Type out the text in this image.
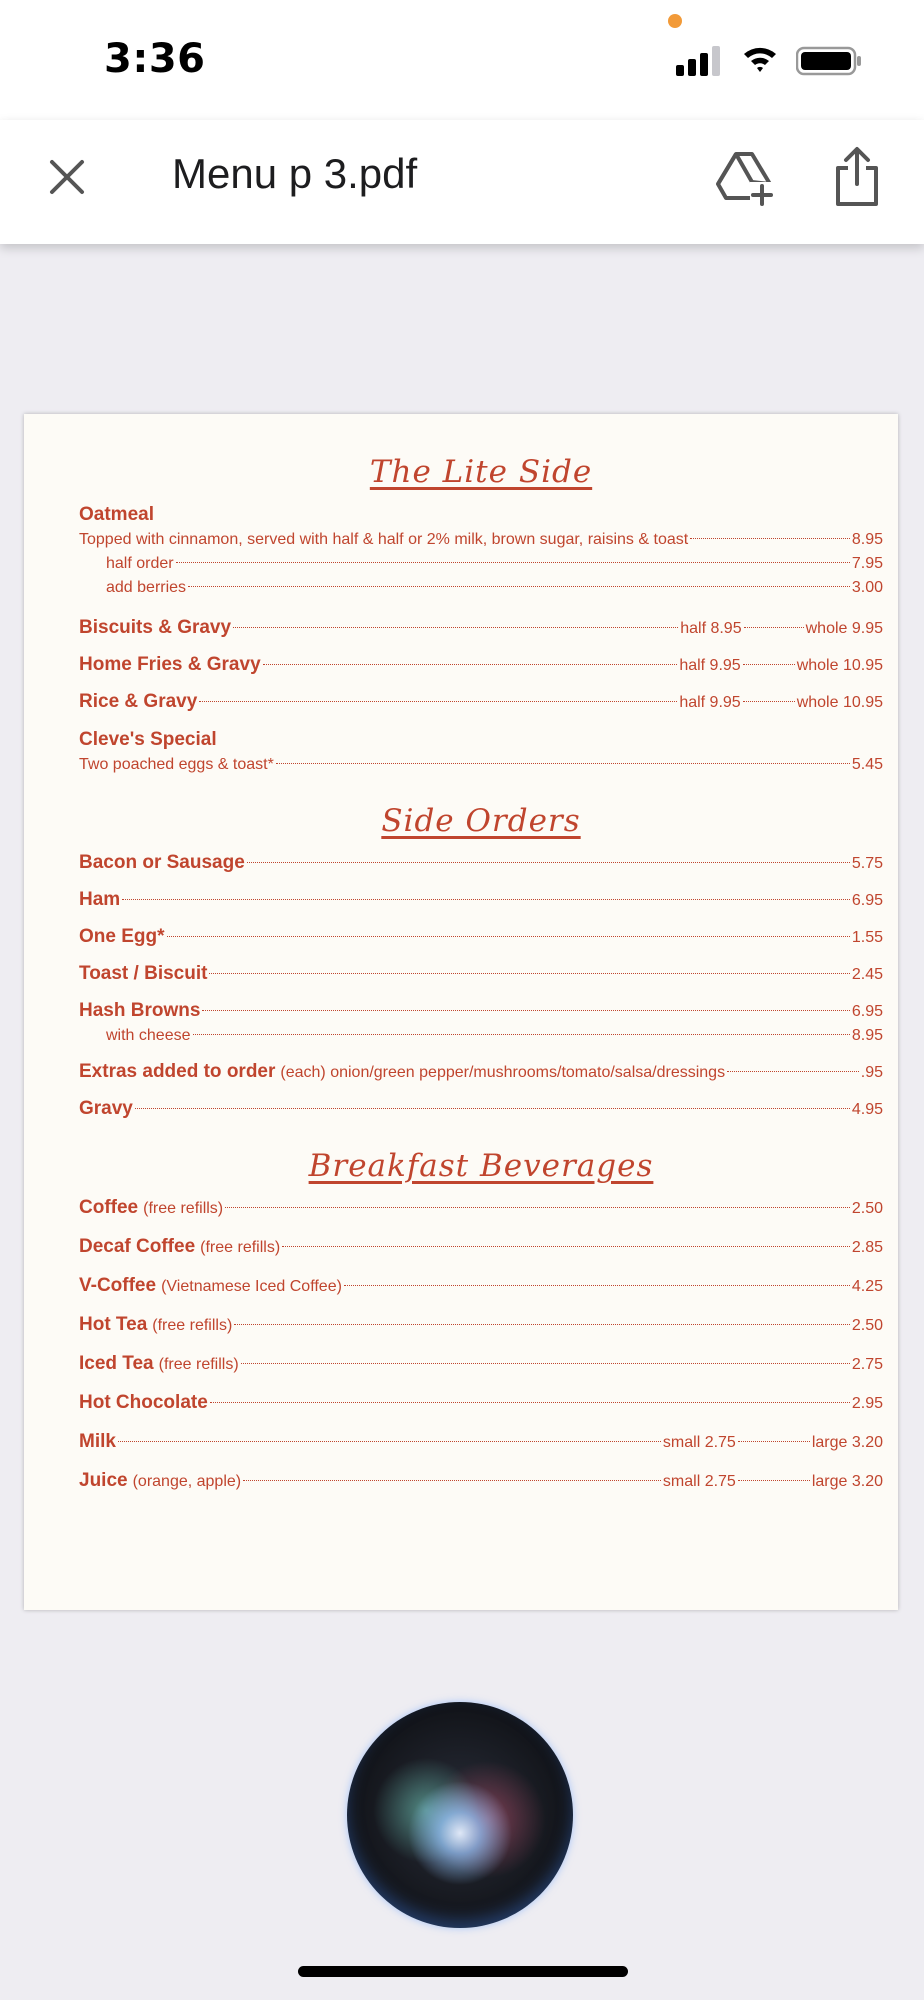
3:36
Menu p 3.pdf
The Lite Side
Oatmeal
Topped with cinnamon, served with half & half or 2% milk, brown sugar, raisins & toast	8.95
half order	7.95
add berries	3.00
Biscuits & Gravy	half 8.95	whole 9.95
Home Fries & Gravy	half 9.95	whole 10.95
Rice & Gravy	half 9.95	whole 10.95
Cleve's Special
Two poached eggs & toast*	5.45
Side Orders
Bacon or Sausage	5.75
Ham	6.95
One Egg*	1.55
Toast / Biscuit	2.45
Hash Browns	6.95
with cheese	8.95
Extras added to order (each) onion/green pepper/mushrooms/tomato/salsa/dressings	.95
Gravy	4.95
Breakfast Beverages
Coffee (free refills)	2.50
Decaf Coffee (free refills)	2.85
V-Coffee (Vietnamese Iced Coffee)	4.25
Hot Tea (free refills)	2.50
Iced Tea (free refills)	2.75
Hot Chocolate	2.95
Milk	small 2.75	large 3.20
Juice (orange, apple)	small 2.75	large 3.20
